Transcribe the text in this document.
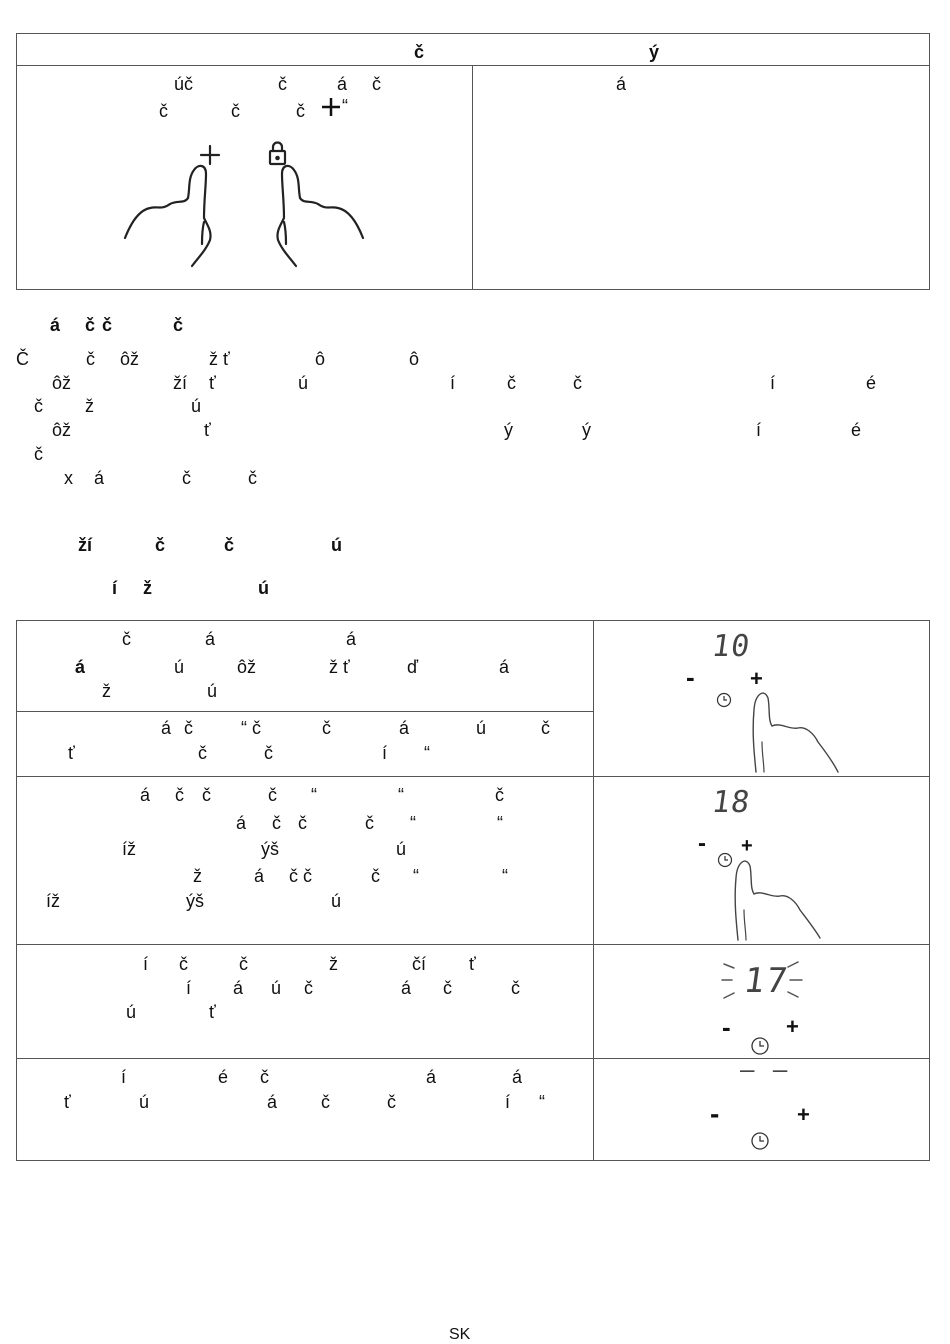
č	ý
úč	č	á č
č	č	č “
á
á č č	č
Č	č ôž	ž ť	ô	ô
ôž	ží ť	ú	í	č	č	í	é
č ž	ú
ôž	ť	ý	ý	í	é
č
x á	č	č
ží	č	č	ú
í ž	ú
č	á	á
á	ú	ôž	ž ť	ď	á
ž	ú
á č	“ č	č	á	ú	č
ť	č	č	í “
10
-	+
á č č	č “	“	č
á č č	č “	“
íž	ýš	ú
ž	á č č	č “	“
íž	ýš	ú
18
- +
í č	č	ž	čí ť
í á ú č	á č	č
ú	ť
17
-	+
í	é č	á	á
ť	ú	á č	č	í “
– –
-	+
SK
